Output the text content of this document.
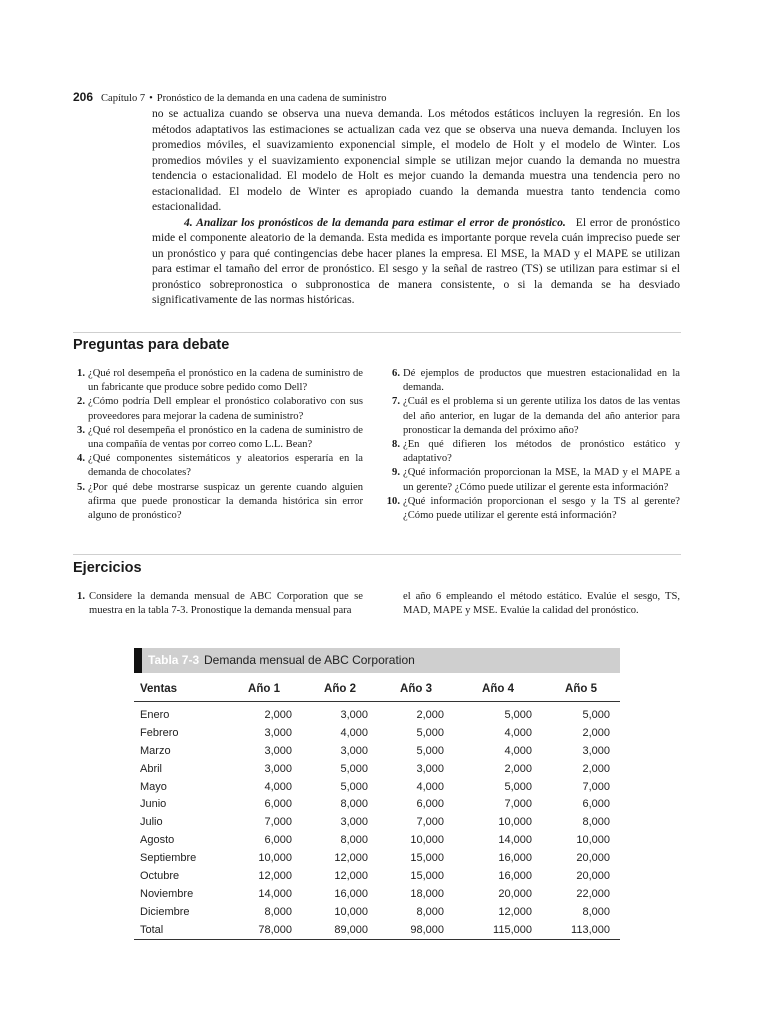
206 Capítulo 7 • Pronóstico de la demanda en una cadena de suministro

no se actualiza cuando se observa una nueva demanda. Los métodos estáticos incluyen la regresión. En los métodos adaptativos las estimaciones se actualizan cada vez que se observa una nueva demanda. Incluyen los promedios móviles, el suavizamiento exponencial simple, el modelo de Holt y el modelo de Winter. Los promedios móviles y el suavizamiento exponencial simple se utilizan mejor cuando la demanda no muestra tendencia o estacionalidad. El modelo de Holt es mejor cuando la demanda muestra una tendencia pero no estacionalidad. El modelo de Winter es apropiado cuando la demanda muestra tanto tendencia como estacionalidad.

4. Analizar los pronósticos de la demanda para estimar el error de pronóstico. El error de pronóstico mide el componente aleatorio de la demanda. Esta medida es importante porque revela cuán impreciso puede ser un pronóstico y para qué contingencias debe hacer planes la empresa. El MSE, la MAD y el MAPE se utilizan para estimar el tamaño del error de pronóstico. El sesgo y la señal de rastreo (TS) se utilizan para estimar si el pronóstico sobrepronostica o subpronostica de manera consistente, o si la demanda se ha desviado significativamente de las normas históricas.

Preguntas para debate
1. ¿Qué rol desempeña el pronóstico en la cadena de suministro de un fabricante que produce sobre pedido como Dell?
2. ¿Cómo podría Dell emplear el pronóstico colaborativo con sus proveedores para mejorar la cadena de suministro?
3. ¿Qué rol desempeña el pronóstico en la cadena de suministro de una compañía de ventas por correo como L.L. Bean?
4. ¿Qué componentes sistemáticos y aleatorios esperaría en la demanda de chocolates?
5. ¿Por qué debe mostrarse suspicaz un gerente cuando alguien afirma que puede pronosticar la demanda histórica sin error alguno de pronóstico?
6. Dé ejemplos de productos que muestren estacionalidad en la demanda.
7. ¿Cuál es el problema si un gerente utiliza los datos de las ventas del año anterior, en lugar de la demanda del año anterior para pronosticar la demanda del próximo año?
8. ¿En qué difieren los métodos de pronóstico estático y adaptativo?
9. ¿Qué información proporcionan la MSE, la MAD y el MAPE a un gerente? ¿Cómo puede utilizar el gerente esta información?
10. ¿Qué información proporcionan el sesgo y la TS al gerente? ¿Cómo puede utilizar el gerente está información?
Ejercicios
1. Considere la demanda mensual de ABC Corporation que se muestra en la tabla 7-3. Pronostique la demanda mensual para
el año 6 empleando el método estático. Evalúe el sesgo, TS, MAD, MAPE y MSE. Evalúe la calidad del pronóstico.
Tabla 7-3 Demanda mensual de ABC Corporation
Ventas	Año 1	Año 2	Año 3	Año 4	Año 5
Enero	2,000	3,000	2,000	5,000	5,000
Febrero	3,000	4,000	5,000	4,000	2,000
Marzo	3,000	3,000	5,000	4,000	3,000
Abril	3,000	5,000	3,000	2,000	2,000
Mayo	4,000	5,000	4,000	5,000	7,000
Junio	6,000	8,000	6,000	7,000	6,000
Julio	7,000	3,000	7,000	10,000	8,000
Agosto	6,000	8,000	10,000	14,000	10,000
Septiembre	10,000	12,000	15,000	16,000	20,000
Octubre	12,000	12,000	15,000	16,000	20,000
Noviembre	14,000	16,000	18,000	20,000	22,000
Diciembre	8,000	10,000	8,000	12,000	8,000
Total	78,000	89,000	98,000	115,000	113,000
